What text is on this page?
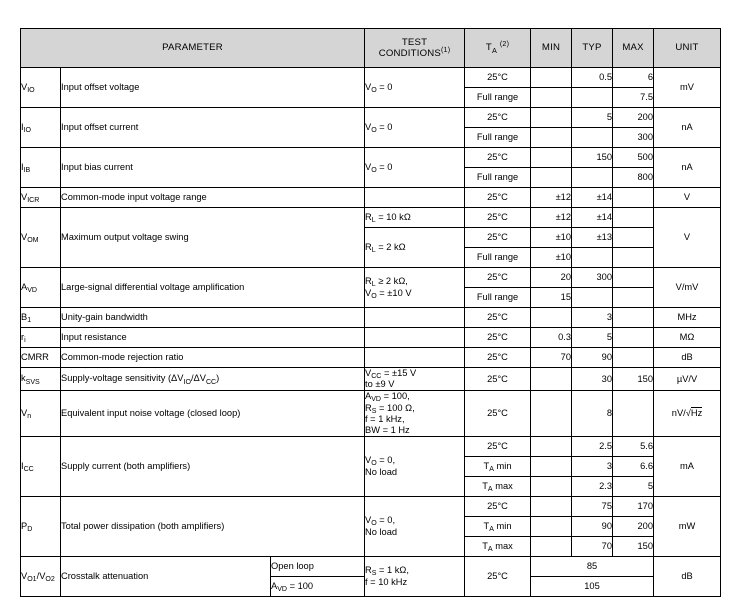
PARAMETER			TEST
CONDITIONS$^{(1)}$	$T_A$ $^{(2)}$	MIN	TYP	MAX	UNIT
$V_{IO}$	Input offset voltage		$V_O = 0$	25°C		0.5	6	mV
				Full range			7.5	
$I_{IO}$	Input offset current		$V_O = 0$	25°C		5	200	nA
				Full range			300	
$I_{IB}$	Input bias current		$V_O = 0$	25°C		150	500	nA
				Full range			800	
$V_{ICR}$	Common-mode input voltage range			25°C	±12	±14		V
$V_{OM}$	Maximum output voltage swing		$R_L = 10$ kΩ	25°C	±12	±14		V
			$R_L = 2$ kΩ	25°C	±10	±13		
				Full range	±10			
$A_{VD}$	Large-signal differential voltage amplification		$R_L \ge 2$ kΩ,
$V_O = \pm 10$ V	25°C	20	300		V/mV
				Full range	15			
$B_1$	Unity-gain bandwidth			25°C		3		MHz
$r_i$	Input resistance			25°C	0.3	5		MΩ
CMRR	Common-mode rejection ratio			25°C	70	90		dB
$k_{SVS}$	Supply-voltage sensitivity $(\Delta V_{IO}/\Delta V_{CC})$		$V_{CC} = \pm 15$ V
to ±9 V	25°C		30	150	µV/V
$V_n$	Equivalent input noise voltage (closed loop)		$A_{VD} = 100$,
$R_S = 100$ Ω,
f = 1 kHz,
BW = 1 Hz	25°C		8		nV/√Hz
$I_{CC}$	Supply current (both amplifiers)		$V_O = 0$,
No load	25°C		2.5	5.6	mA
				$T_A$ min		3	6.6	
				$T_A$ max		2.3	5	
$P_D$	Total power dissipation (both amplifiers)		$V_O = 0$,
No load	25°C		75	170	mW
				$T_A$ min		90	200	
				$T_A$ max		70	150	
$V_{O1}/V_{O2}$	Crosstalk attenuation	Open loop	$R_S = 1$ kΩ,
f = 10 kHz	25°C	85			dB
		$A_{VD} = 100$			105			
